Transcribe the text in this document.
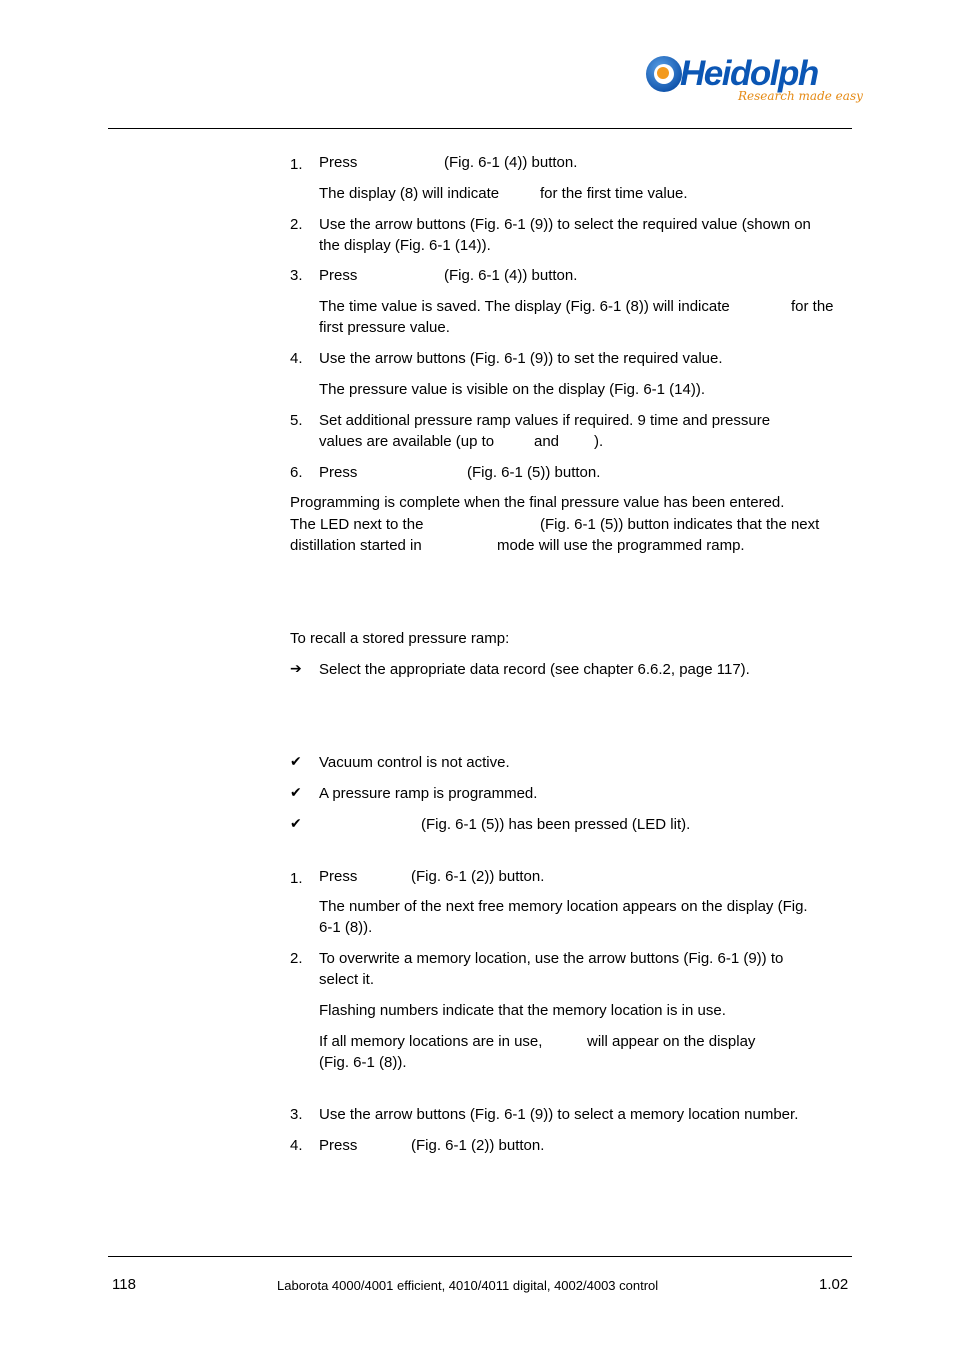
Heidolph
Research made easy
1. Press	(Fig. 6-1 (4)) button.
The display (8) will indicate	for the first time value.
2. Use the arrow buttons (Fig. 6-1 (9)) to select the required value (shown on
the display (Fig. 6-1 (14)).
3. Press	(Fig. 6-1 (4)) button.
The time value is saved. The display (Fig. 6-1 (8)) will indicate	for the
first pressure value.
4. Use the arrow buttons (Fig. 6-1 (9)) to set the required value.
The pressure value is visible on the display (Fig. 6-1 (14)).
5. Set additional pressure ramp values if required. 9 time and pressure
values are available (up to	and ).
6. Press	(Fig. 6-1 (5)) button.
Programming is complete when the final pressure value has been entered.
The LED next to the	(Fig. 6-1 (5)) button indicates that the next
distillation started in	mode will use the programmed ramp.
To recall a stored pressure ramp:
➔ Select the appropriate data record (see chapter 6.6.2, page 117).
✔ Vacuum control is not active.
✔ A pressure ramp is programmed.
✔	(Fig. 6-1 (5)) has been pressed (LED lit).
1. Press	(Fig. 6-1 (2)) button.
The number of the next free memory location appears on the display (Fig.
6-1 (8)).
2. To overwrite a memory location, use the arrow buttons (Fig. 6-1 (9)) to
select it.
Flashing numbers indicate that the memory location is in use.
If all memory locations are in use,	will appear on the display
(Fig. 6-1 (8)).
3. Use the arrow buttons (Fig. 6-1 (9)) to select a memory location number.
4. Press	(Fig. 6-1 (2)) button.
118	Laborota 4000/4001 efficient, 4010/4011 digital, 4002/4003 control	1.02
